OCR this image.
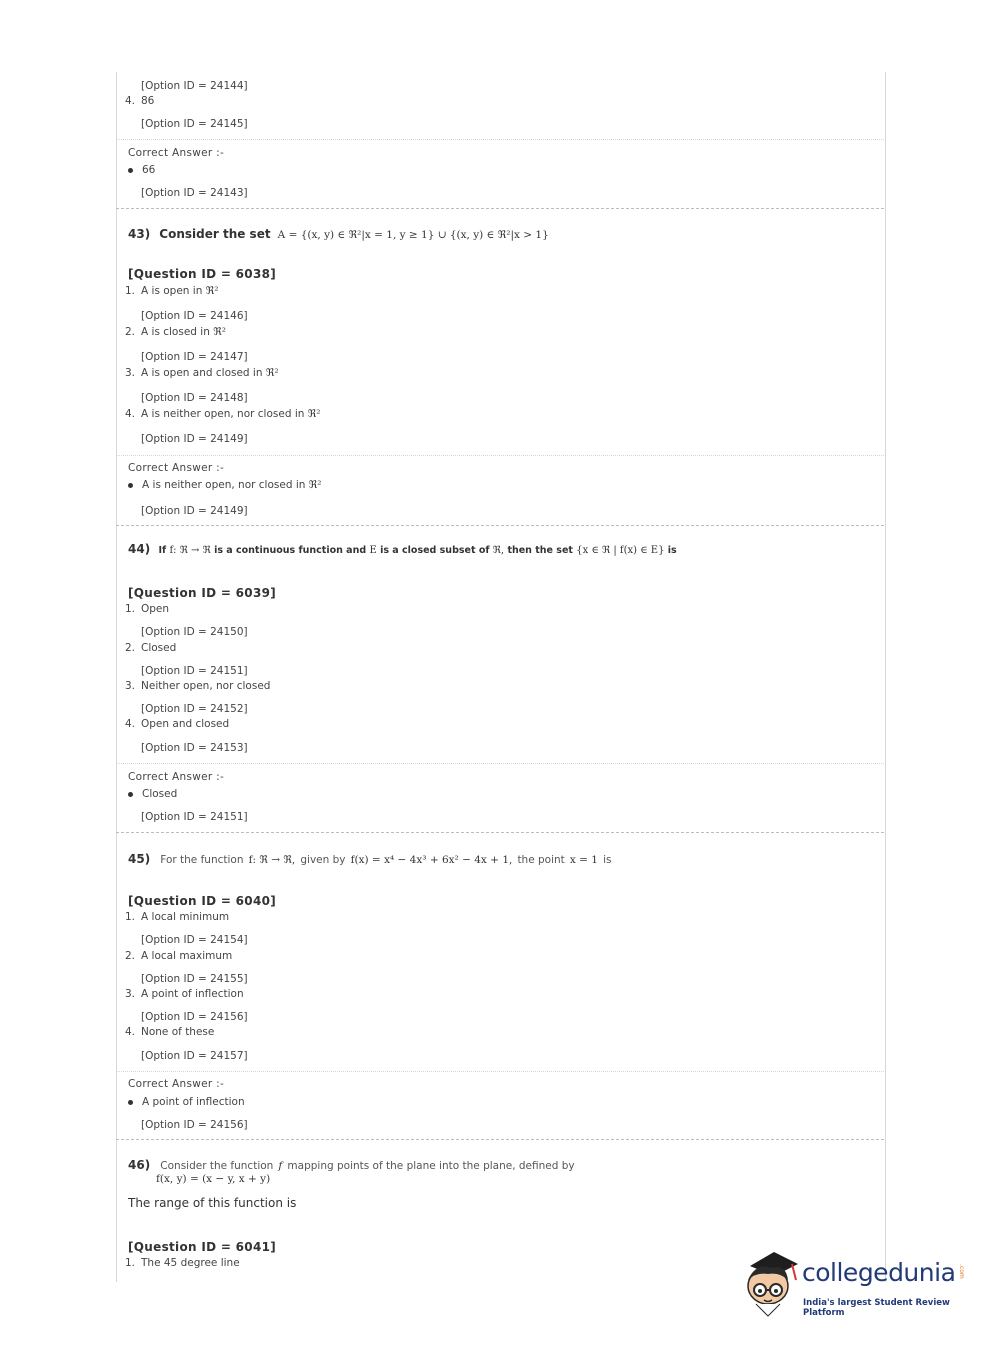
[Option ID = 24144]
4. 86
[Option ID = 24145]
Correct Answer :-
66
[Option ID = 24143]
43) Consider the set A = {(x, y) ∈ ℜ²|x = 1, y ≥ 1} ∪ {(x, y) ∈ ℜ²|x > 1}
[Question ID = 6038]
1. A is open in ℜ²
[Option ID = 24146]
2. A is closed in ℜ²
[Option ID = 24147]
3. A is open and closed in ℜ²
[Option ID = 24148]
4. A is neither open, nor closed in ℜ²
[Option ID = 24149]
Correct Answer :-
A is neither open, nor closed in ℜ²
[Option ID = 24149]
44) If f: ℜ → ℜ is a continuous function and E is a closed subset of ℜ, then the set {x ∈ ℜ | f(x) ∈ E} is
[Question ID = 6039]
1. Open
[Option ID = 24150]
2. Closed
[Option ID = 24151]
3. Neither open, nor closed
[Option ID = 24152]
4. Open and closed
[Option ID = 24153]
Correct Answer :-
Closed
[Option ID = 24151]
45) For the function f: ℜ → ℜ, given by f(x) = x⁴ − 4x³ + 6x² − 4x + 1, the point x = 1 is
[Question ID = 6040]
1. A local minimum
[Option ID = 24154]
2. A local maximum
[Option ID = 24155]
3. A point of inflection
[Option ID = 24156]
4. None of these
[Option ID = 24157]
Correct Answer :-
A point of inflection
[Option ID = 24156]
46) Consider the function f mapping points of the plane into the plane, defined by
f(x, y) = (x − y, x + y)
The range of this function is
[Question ID = 6041]
1. The 45 degree line	collegedunia .com
India's largest Student Review Platform
